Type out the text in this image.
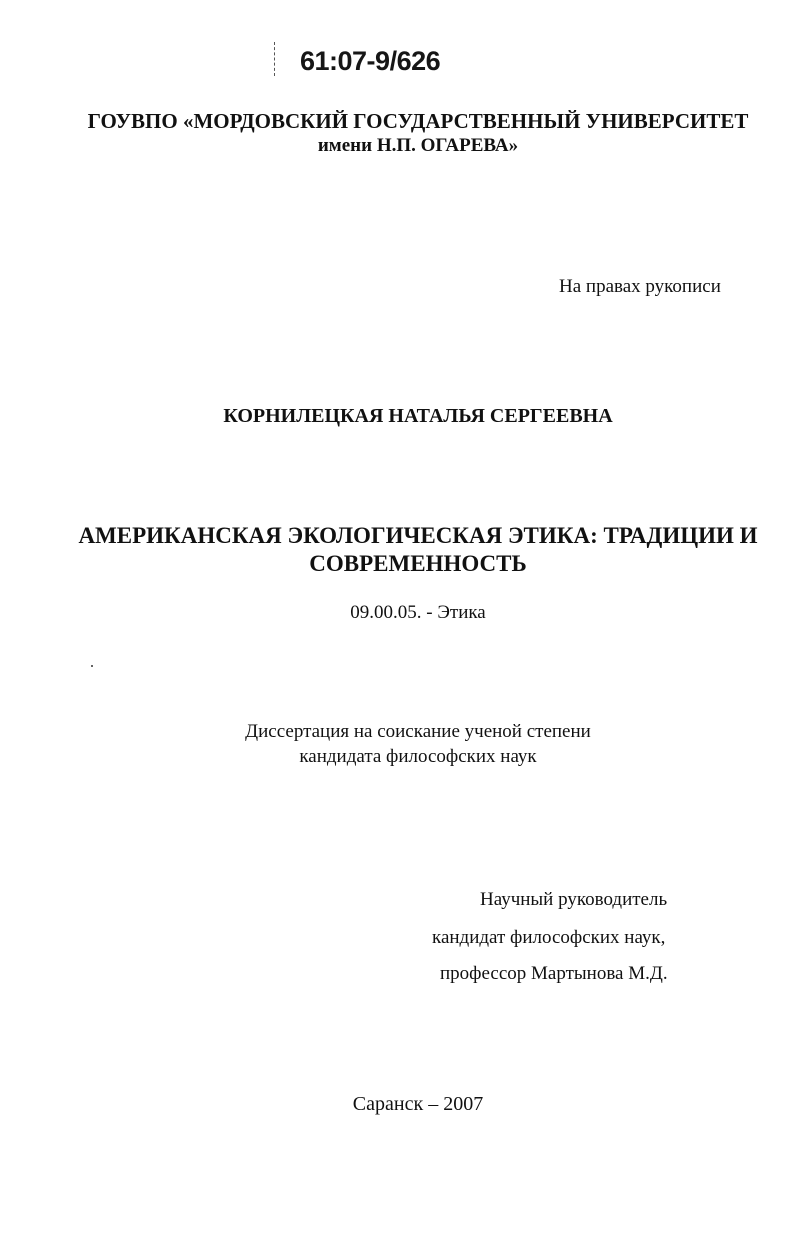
61:07-9/626
ГОУВПО «МОРДОВСКИЙ ГОСУДАРСТВЕННЫЙ УНИВЕРСИТЕТ
имени Н.П. ОГАРЕВА»
На правах рукописи
КОРНИЛЕЦКАЯ НАТАЛЬЯ СЕРГЕЕВНА
АМЕРИКАНСКАЯ ЭКОЛОГИЧЕСКАЯ ЭТИКА: ТРАДИЦИИ И
СОВРЕМЕННОСТЬ
09.00.05. - Этика
Диссертация на соискание ученой степени
кандидата философских наук
Научный руководитель
кандидат философских наук,
профессор Мартынова М.Д.
Саранск – 2007
